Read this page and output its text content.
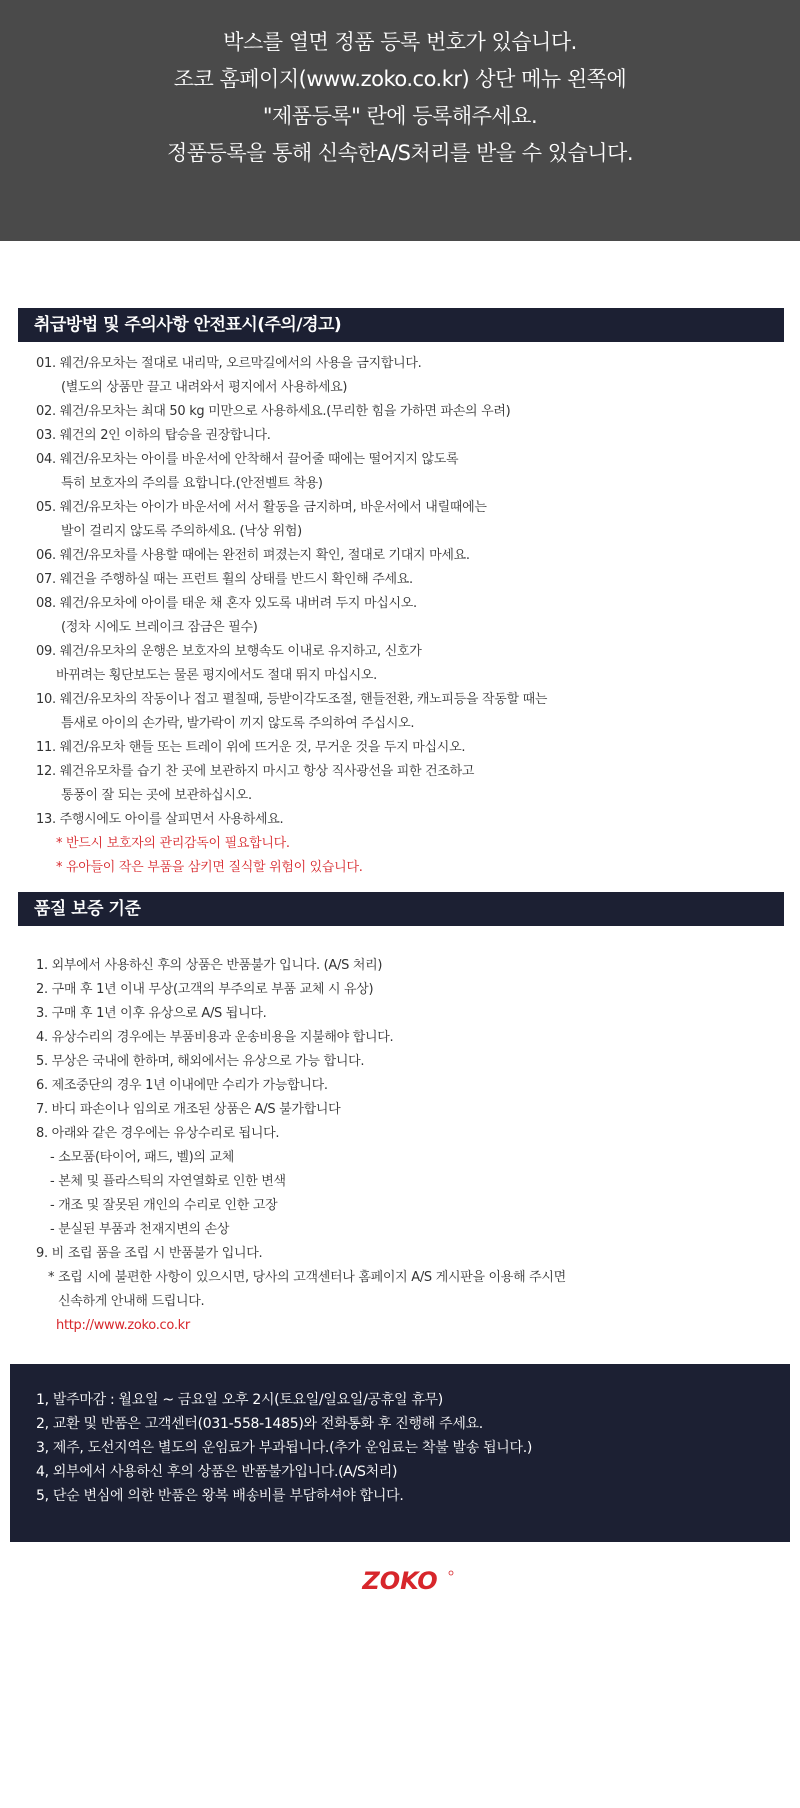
박스를 열면 정품 등록 번호가 있습니다.
조코 홈페이지(www.zoko.co.kr) 상단 메뉴 왼쪽에
"제품등록" 란에 등록해주세요.
정품등록을 통해 신속한A/S처리를 받을 수 있습니다.
취급방법 및 주의사항 안전표시(주의/경고)
01. 웨건/유모차는 절대로 내리막, 오르막길에서의 사용을 금지합니다.
(별도의 상품만 끌고 내려와서 평지에서 사용하세요)
02. 웨건/유모차는 최대 50 kg 미만으로 사용하세요.(무리한 힘을 가하면 파손의 우려)
03. 웨건의 2인 이하의 탑승을 권장합니다.
04. 웨건/유모차는 아이를 바운서에 안착해서 끌어줄 때에는 떨어지지 않도록
특히 보호자의 주의를 요합니다.(안전벨트 착용)
05. 웨건/유모차는 아이가 바운서에 서서 활동을 금지하며, 바운서에서 내릴때에는
발이 걸리지 않도록 주의하세요. (낙상 위험)
06. 웨건/유모차를 사용할 때에는 완전히 펴졌는지 확인, 절대로 기대지 마세요.
07. 웨건을 주행하실 때는 프런트 휠의 상태를 반드시 확인해 주세요.
08. 웨건/유모차에 아이를 태운 채 혼자 있도록 내버려 두지 마십시오.
(정차 시에도 브레이크 잠금은 필수)
09. 웨건/유모차의 운행은 보호자의 보행속도 이내로 유지하고, 신호가
바뀌려는 횡단보도는 물론 평지에서도 절대 뛰지 마십시오.
10. 웨건/유모차의 작동이나 접고 펼칠때, 등받이각도조절, 핸들전환, 캐노피등을 작동할 때는
틈새로 아이의 손가락, 발가락이 끼지 않도록 주의하여 주십시오.
11. 웨건/유모차 핸들 또는 트레이 위에 뜨거운 것, 무거운 것을 두지 마십시오.
12. 웨건유모차를 습기 찬 곳에 보관하지 마시고 항상 직사광선을 피한 건조하고
통풍이 잘 되는 곳에 보관하십시오.
13. 주행시에도 아이를 살피면서 사용하세요.
* 반드시 보호자의 관리감독이 필요합니다.
* 유아들이 작은 부품을 삼키면 질식할 위험이 있습니다.
품질 보증 기준
1. 외부에서 사용하신 후의 상품은 반품불가 입니다. (A/S 처리)
2. 구매 후 1년 이내 무상(고객의 부주의로 부품 교체 시 유상)
3. 구매 후 1년 이후 유상으로 A/S 됩니다.
4. 유상수리의 경우에는 부품비용과 운송비용을 지불해야 합니다.
5. 무상은 국내에 한하며, 해외에서는 유상으로 가능 합니다.
6. 제조중단의 경우 1년 이내에만 수리가 가능합니다.
7. 바디 파손이나 임의로 개조된 상품은 A/S 불가합니다
8. 아래와 같은 경우에는 유상수리로 됩니다.
- 소모품(타이어, 패드, 벨)의 교체
- 본체 및 플라스틱의 자연열화로 인한 변색
- 개조 및 잘못된 개인의 수리로 인한 고장
- 분실된 부품과 천재지변의 손상
9. 비 조립 품을 조립 시 반품불가 입니다.
* 조립 시에 불편한 사항이 있으시면, 당사의 고객센터나 홈페이지 A/S 게시판을 이용해 주시면
신속하게 안내해 드립니다.
http://www.zoko.co.kr
1, 발주마감 : 월요일 ~ 금요일 오후 2시(토요일/일요일/공휴일 휴무)
2, 교환 및 반품은 고객센터(031-558-1485)와 전화통화 후 진행해 주세요.
3, 제주, 도선지역은 별도의 운임료가 부과됩니다.(추가 운임료는 착불 발송 됩니다.)
4, 외부에서 사용하신 후의 상품은 반품불가입니다.(A/S처리)
5, 단순 변심에 의한 반품은 왕복 배송비를 부담하셔야 합니다.
ZOKO
